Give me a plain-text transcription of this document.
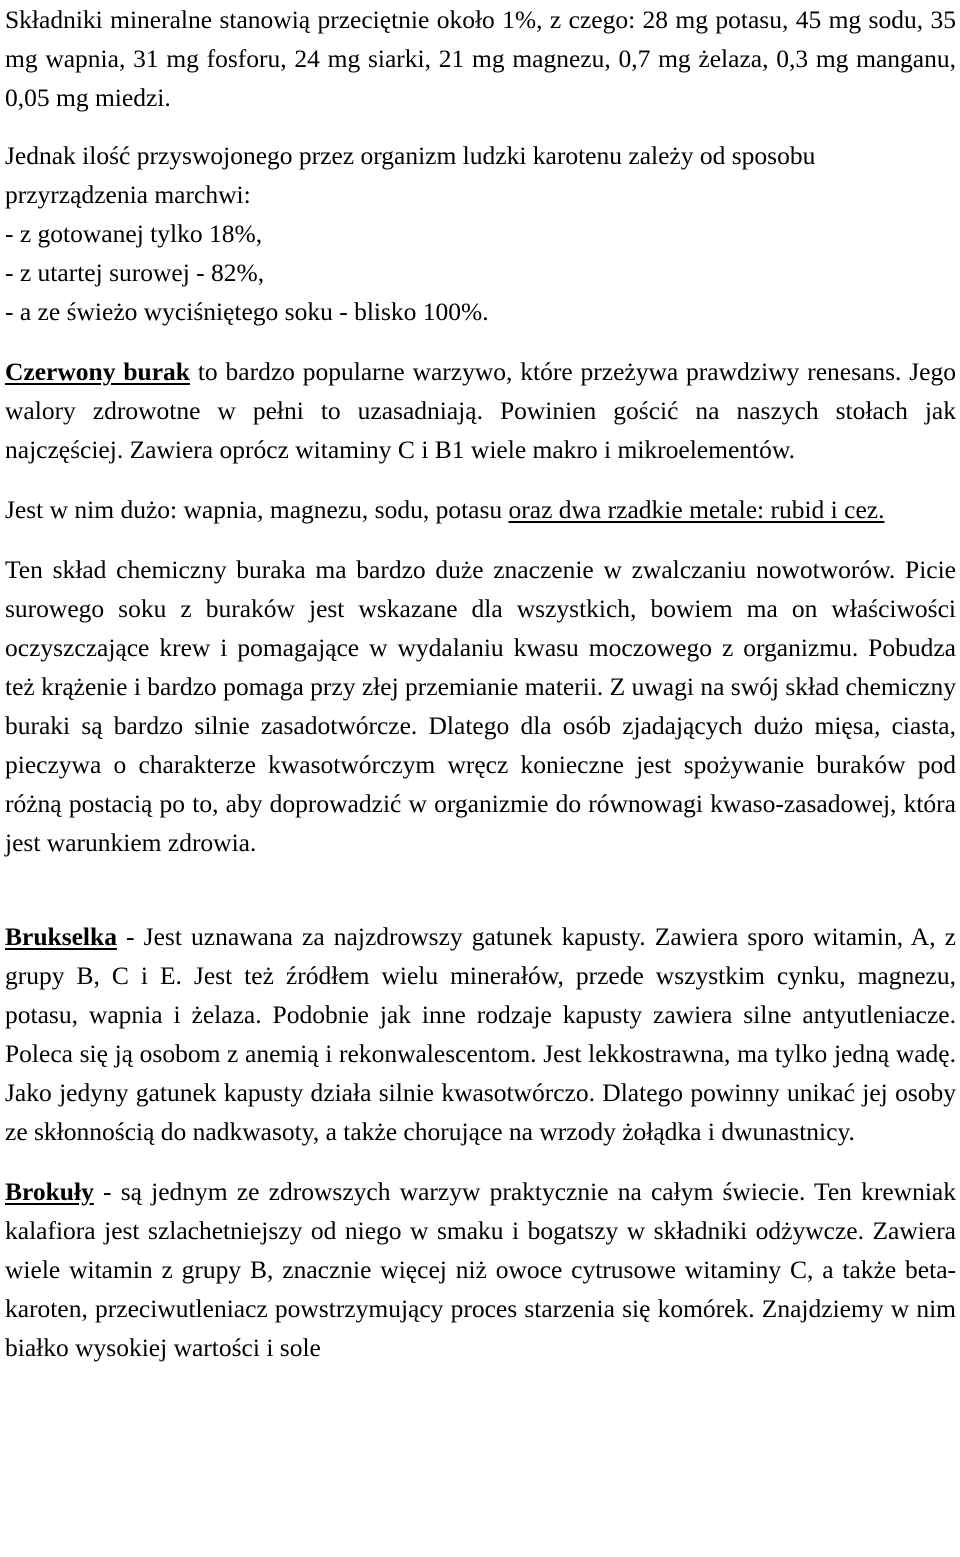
Składniki mineralne stanowią przeciętnie około 1%, z czego: 28 mg potasu, 45 mg sodu, 35 mg wapnia, 31 mg fosforu, 24 mg siarki, 21 mg magnezu, 0,7 mg żelaza, 0,3 mg manganu, 0,05 mg miedzi.

Jednak ilość przyswojonego przez organizm ludzki karotenu zależy od sposobu przyrządzenia marchwi:
- z gotowanej tylko 18%,
- z utartej surowej - 82%,
- a ze świeżo wyciśniętego soku - blisko 100%.

Czerwony burak to bardzo popularne warzywo, które przeżywa prawdziwy renesans. Jego walory zdrowotne w pełni to uzasadniają. Powinien gościć na naszych stołach jak najczęściej. Zawiera oprócz witaminy C i B1 wiele makro i mikroelementów.

Jest w nim dużo: wapnia, magnezu, sodu, potasu oraz dwa rzadkie metale: rubid i cez.

Ten skład chemiczny buraka ma bardzo duże znaczenie w zwalczaniu nowotworów. Picie surowego soku z buraków jest wskazane dla wszystkich, bowiem ma on właściwości oczyszczające krew i pomagające w wydalaniu kwasu moczowego z organizmu. Pobudza też krążenie i bardzo pomaga przy złej przemianie materii. Z uwagi na swój skład chemiczny buraki są bardzo silnie zasadotwórcze. Dlatego dla osób zjadających dużo mięsa, ciasta, pieczywa o charakterze kwasotwórczym wręcz konieczne jest spożywanie buraków pod różną postacią po to, aby doprowadzić w organizmie do równowagi kwaso-zasadowej, która jest warunkiem zdrowia.

Brukselka - Jest uznawana za najzdrowszy gatunek kapusty. Zawiera sporo witamin, A, z grupy B, C i E. Jest też źródłem wielu minerałów, przede wszystkim cynku, magnezu, potasu, wapnia i żelaza. Podobnie jak inne rodzaje kapusty zawiera silne antyutleniacze. Poleca się ją osobom z anemią i rekonwalescentom. Jest lekkostrawna, ma tylko jedną wadę. Jako jedyny gatunek kapusty działa silnie kwasotwórczo. Dlatego powinny unikać jej osoby ze skłonnością do nadkwasoty, a także chorujące na wrzody żołądka i dwunastnicy.

Brokuły - są jednym ze zdrowszych warzyw praktycznie na całym świecie. Ten krewniak kalafiora jest szlachetniejszy od niego w smaku i bogatszy w składniki odżywcze. Zawiera wiele witamin z grupy B, znacznie więcej niż owoce cytrusowe witaminy C, a także beta-karoten, przeciwutleniacz powstrzymujący proces starzenia się komórek. Znajdziemy w nim białko wysokiej wartości i sole
